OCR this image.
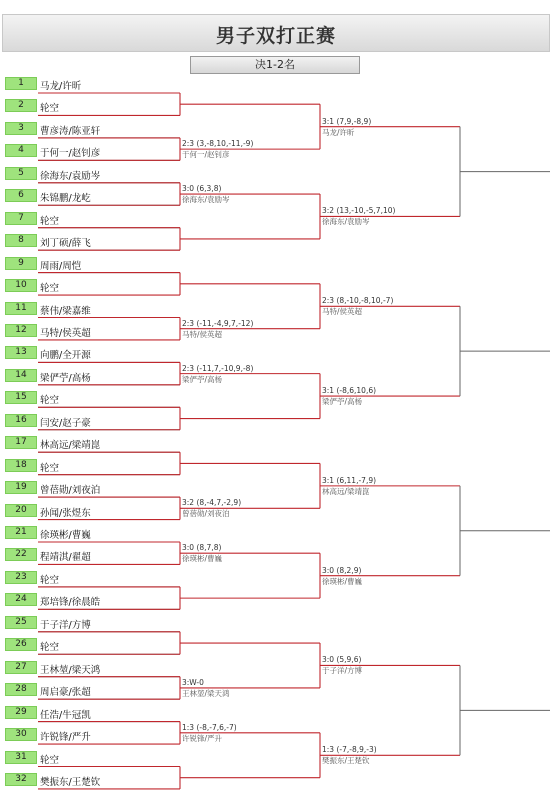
男子双打正赛
决1-2名
1	马龙/许昕
2	轮空
3	曹彦涛/陈亚轩
4	于何一/赵钊彦
5	徐海东/袁励岑
6	朱锦鹏/龙屹
7	轮空
8	刘丁硕/薛飞
9	周雨/周恺
10	轮空
11	蔡伟/梁嘉维
12	马特/侯英超
13	向鹏/全开源
14	梁俨苧/高杨
15	轮空
16	闫安/赵子豪
17	林高远/梁靖崑
18	轮空
19	曾蓓勋/刘夜泊
20	孙闻/张煜东
21	徐瑛彬/曹巍
22	程靖淇/翟超
23	轮空
24	郑培锋/徐晨皓
25	于子洋/方博
26	轮空
27	王林堃/梁天鸿
28	周启豪/张超
29	任浩/牛冠凯
30	许锐锋/严升
31	轮空
32	樊振东/王楚钦
2:3 (3,-8,10,-11,-9)
于何一/赵钊彦
3:0 (6,3,8)
徐海东/袁励岑
2:3 (-11,-4,9,7,-12)
马特/侯英超
2:3 (-11,7,-10,9,-8)
梁俨苧/高杨
3:2 (8,-4,7,-2,9)
曾蓓勋/刘夜泊
3:0 (8,7,8)
徐瑛彬/曹巍
3:W-0
王林堃/梁天鸿
1:3 (-8,-7,6,-7)
许锐锋/严升
3:1 (7,9,-8,9)
马龙/许昕
3:2 (13,-10,-5,7,10)
徐海东/袁励岑
2:3 (8,-10,-8,10,-7)
马特/侯英超
3:1 (-8,6,10,6)
梁俨苧/高杨
3:1 (6,11,-7,9)
林高远/梁靖崑
3:0 (8,2,9)
徐瑛彬/曹巍
3:0 (5,9,6)
于子洋/方博
1:3 (-7,-8,9,-3)
樊振东/王楚钦
